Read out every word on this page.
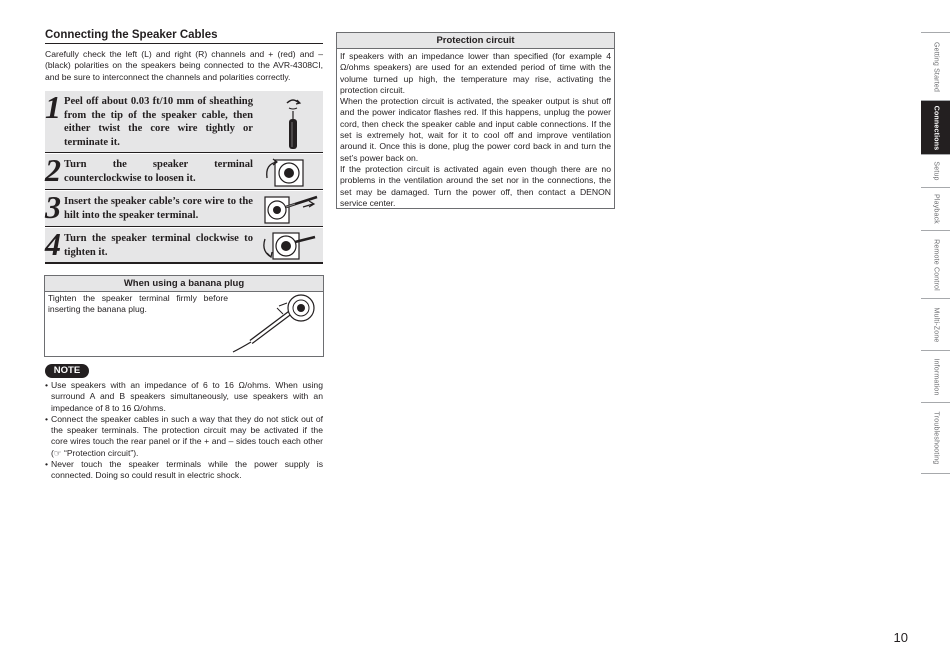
Connecting the Speaker Cables
Carefully check the left (L) and right (R) channels and + (red) and – (black) polarities on the speakers being connected to the AVR-4308CI, and be sure to interconnect the channels and polarities correctly.
1 Peel off about 0.03 ft/10 mm of sheathing from the tip of the speaker cable, then either twist the core wire tightly or terminate it.
2 Turn the speaker terminal counterclockwise to loosen it.
3 Insert the speaker cable’s core wire to the hilt into the speaker terminal.
4 Turn the speaker terminal clockwise to tighten it.
When using a banana plug
Tighten the speaker terminal firmly before inserting the banana plug.
NOTE
• Use speakers with an impedance of 6 to 16 Ω/ohms. When using surround A and B speakers simultaneously, use speakers with an impedance of 8 to 16 Ω/ohms.
• Connect the speaker cables in such a way that they do not stick out of the speaker terminals. The protection circuit may be activated if the core wires touch the rear panel or if the + and – sides touch each other (☞ “Protection circuit”).
• Never touch the speaker terminals while the power supply is connected. Doing so could result in electric shock.
Protection circuit

If speakers with an impedance lower than specified (for example 4 Ω/ohms speakers) are used for an extended period of time with the volume turned up high, the temperature may rise, activating the protection circuit.

When the protection circuit is activated, the speaker output is shut off and the power indicator flashes red. If this happens, unplug the power cord, then check the speaker cable and input cable connections. If the set is extremely hot, wait for it to cool off and improve ventilation around it. Once this is done, plug the power cord back in and turn the set’s power back on.

If the protection circuit is activated again even though there are no problems in the ventilation around the set nor in the connections, the set may be damaged. Turn the power off, then contact a DENON service center.

Getting Started
Connections
Setup
Playback
Remote Control
Multi-Zone
Information
Troubleshooting
10
